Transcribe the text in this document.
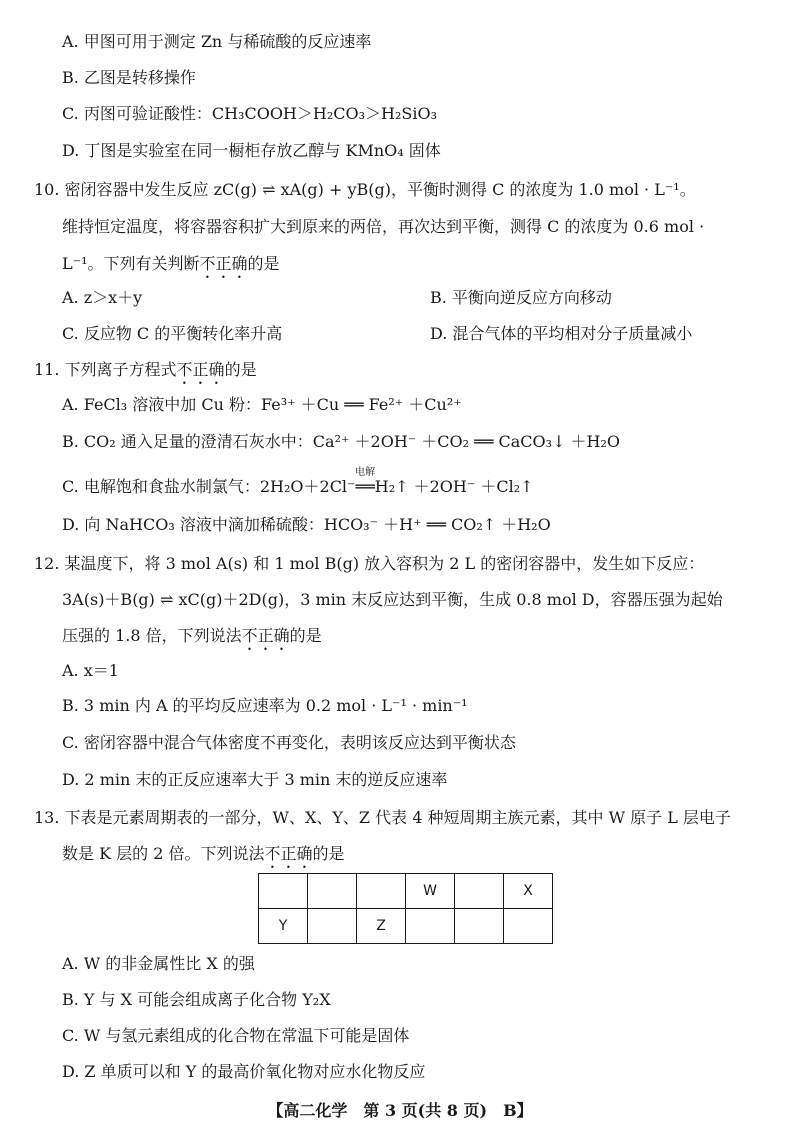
A. 甲图可用于测定 Zn 与稀硫酸的反应速率
B. 乙图是转移操作
C. 丙图可验证酸性：CH₃COOH＞H₂CO₃＞H₂SiO₃
D. 丁图是实验室在同一橱柜存放乙醇与 KMnO₄ 固体
10. 密闭容器中发生反应 zC(g) ⇌ xA(g) + yB(g)，平衡时测得 C 的浓度为 1.0 mol · L⁻¹。
维持恒定温度，将容器容积扩大到原来的两倍，再次达到平衡，测得 C 的浓度为 0.6 mol ·
L⁻¹。下列有关判断不正确的是
A. z＞x＋y	B. 平衡向逆反应方向移动
C. 反应物 C 的平衡转化率升高	D. 混合气体的平均相对分子质量减小
11. 下列离子方程式不正确的是
A. FeCl₃ 溶液中加 Cu 粉：Fe³⁺ ＋Cu ══ Fe²⁺ ＋Cu²⁺
B. CO₂ 通入足量的澄清石灰水中：Ca²⁺ ＋2OH⁻ ＋CO₂ ══ CaCO₃↓ ＋H₂O
C. 电解饱和食盐水制氯气：2H₂O＋2Cl⁻
电解
══H₂↑ ＋2OH⁻ ＋Cl₂↑
D. 向 NaHCO₃ 溶液中滴加稀硫酸：HCO₃⁻ ＋H⁺ ══ CO₂↑ ＋H₂O
12. 某温度下，将 3 mol A(s) 和 1 mol B(g) 放入容积为 2 L 的密闭容器中，发生如下反应：
3A(s)＋B(g) ⇌ xC(g)＋2D(g)，3 min 末反应达到平衡，生成 0.8 mol D，容器压强为起始
压强的 1.8 倍，下列说法不正确的是
A. x＝1
B. 3 min 内 A 的平均反应速率为 0.2 mol · L⁻¹ · min⁻¹
C. 密闭容器中混合气体密度不再变化，表明该反应达到平衡状态
D. 2 min 末的正反应速率大于 3 min 末的逆反应速率
13. 下表是元素周期表的一部分，W、X、Y、Z 代表 4 种短周期主族元素，其中 W 原子 L 层电子
数是 K 层的 2 倍。下列说法不正确的是
			W		X
Y		Z			
A. W 的非金属性比 X 的强
B. Y 与 X 可能会组成离子化合物 Y₂X
C. W 与氢元素组成的化合物在常温下可能是固体
D. Z 单质可以和 Y 的最高价氧化物对应水化物反应
【高二化学　第 3 页(共 8 页)　B】
